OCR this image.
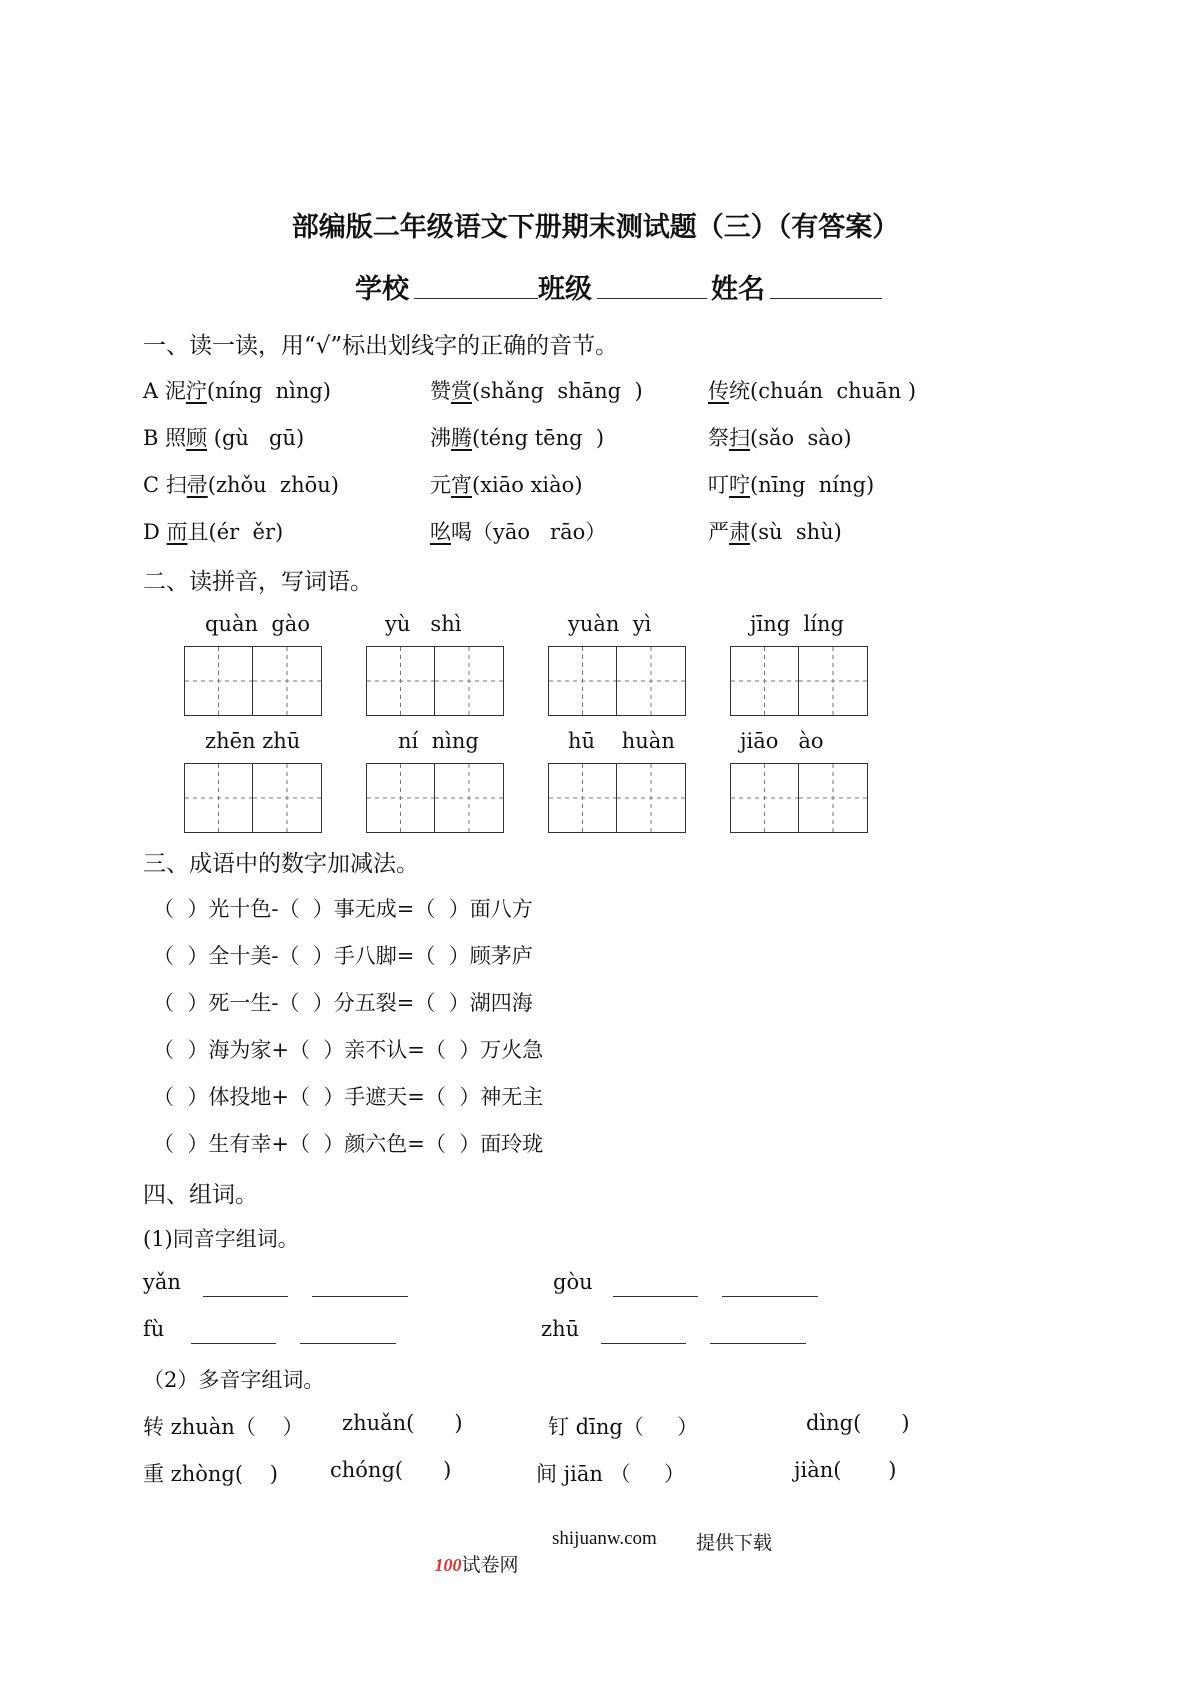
部编版二年级语文下册期末测试题（三）（有答案）
学校	班级	姓名
一、读一读，用“√”标出划线字的正确的音节。
A 泥泞(níng  nìng)	赞赏(shǎng  shāng  )	传统(chuán  chuān )
B 照顾 (gù   gū)	沸腾(téng tēng  )	祭扫(sǎo  sào)
C 扫帚(zhǒu  zhōu)	元宵(xiāo xiào)	叮咛(nīng  níng)
D 而且(ér  ěr)	吆喝（yāo   rāo）	严肃(sù  shù)
二、读拼音，写词语。
quàn  gào	yù   shì	yuàn  yì	jīng  líng
zhēn zhū	ní  nìng	hū    huàn	jiāo   ào
三、成语中的数字加减法。
（  ）光十色-（  ）事无成=（  ）面八方
（  ）全十美-（  ）手八脚=（  ）顾茅庐
（  ）死一生-（  ）分五裂=（  ）湖四海
（  ）海为家+（  ）亲不认=（  ）万火急
（  ）体投地+（  ）手遮天=（  ）神无主
（  ）生有幸+（  ）颜六色=（  ）面玲珑
四、组词。
(1)同音字组词。
yǎn	gòu
fù	zhū
（2）多音字组词。
转 zhuàn（    ） zhuǎn(      )	钉 dīng（     ）	dìng(      )
重 zhòng(    ) chóng(      )	间 jiān （     ）	jiàn(       )

100试卷网

shijuanw.com 提供下载
